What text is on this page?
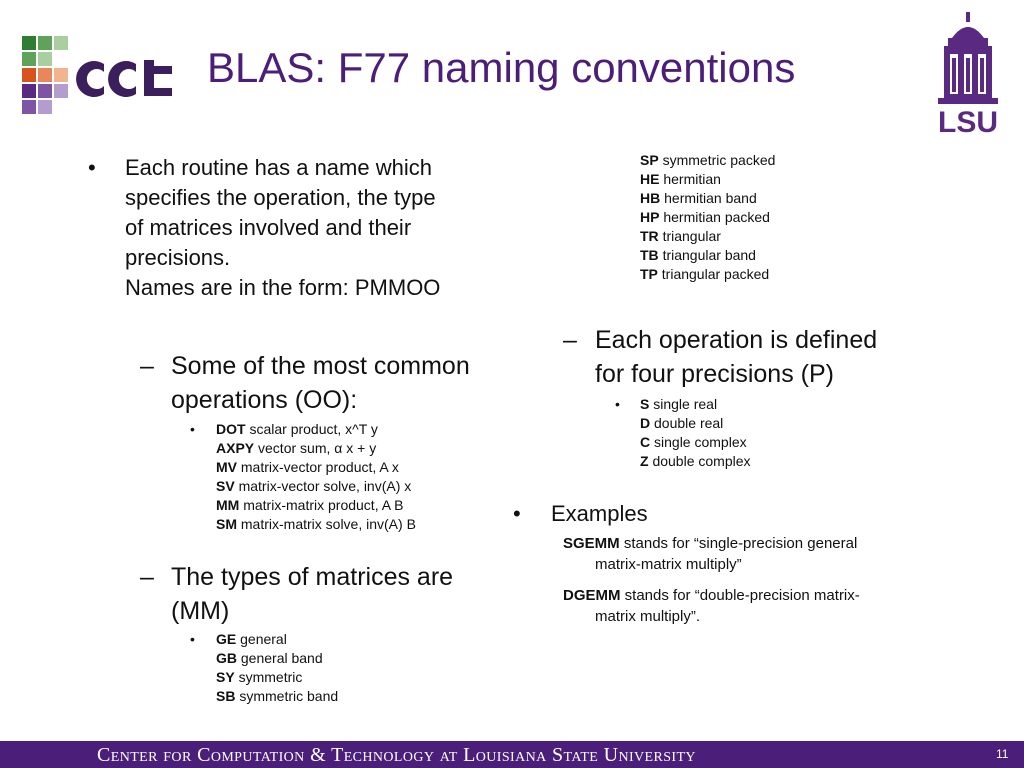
BLAS: F77 naming conventions
LSU
• Each routine has a name which
specifies the operation, the type
of matrices involved and their
precisions.
Names are in the form: PMMOO
– Some of the most common
operations (OO):
• DOT scalar product, x^T y
AXPY vector sum, α x + y
MV matrix-vector product, A x
SV matrix-vector solve, inv(A) x
MM matrix-matrix product, A B
SM matrix-matrix solve, inv(A) B
– The types of matrices are
(MM)
• GE general
GB general band
SY symmetric
SB symmetric band
SP symmetric packed
HE hermitian
HB hermitian band
HP hermitian packed
TR triangular
TB triangular band
TP triangular packed
– Each operation is defined
for four precisions (P)
• S single real
D double real
C single complex
Z double complex
• Examples
SGEMM stands for “single-precision general
matrix-matrix multiply”
DGEMM stands for “double-precision matrix-
matrix multiply”.
Center for Computation & Technology at Louisiana State University	11
